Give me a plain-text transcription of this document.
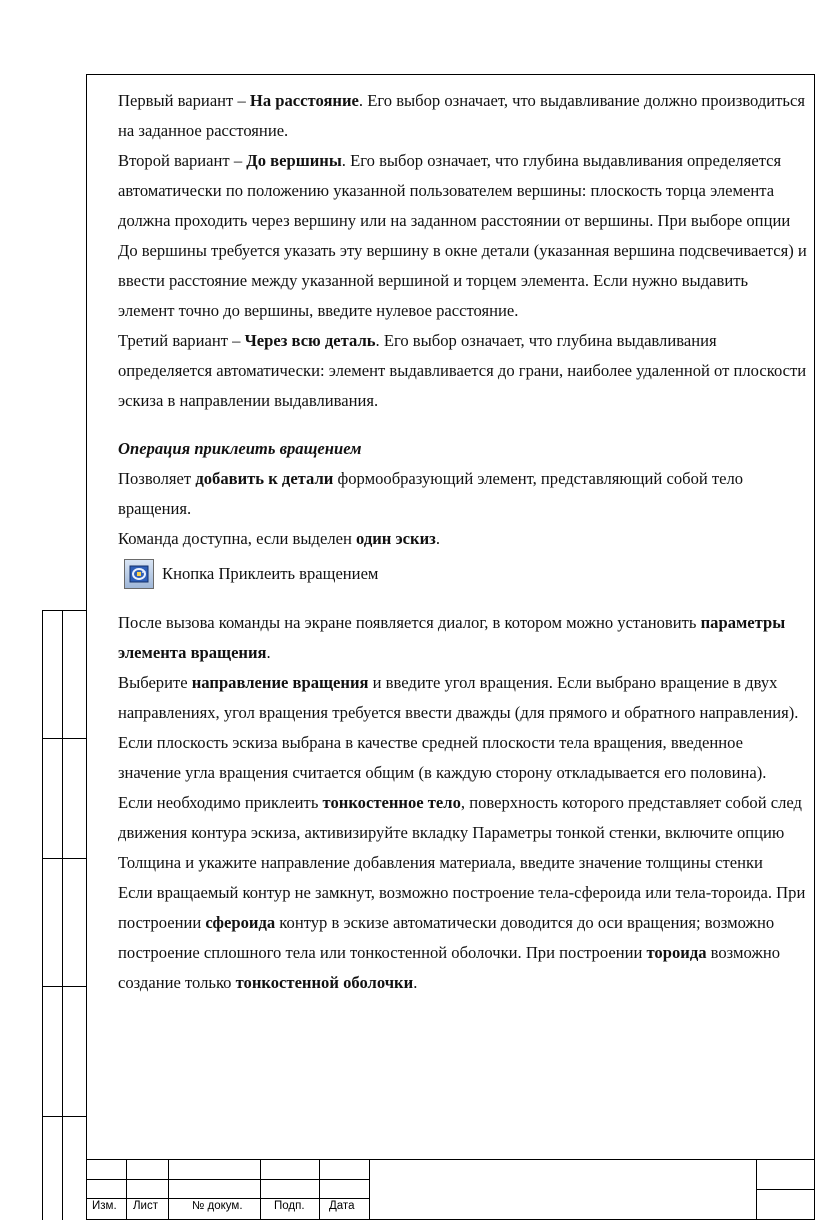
Первый вариант – На расстояние. Его выбор означает, что выдавливание должно производиться на заданное расстояние.

Второй вариант – До вершины. Его выбор означает, что глубина выдавливания определяется автоматически по положению указанной пользователем вершины: плоскость торца элемента должна проходить через вершину или на заданном расстоянии от вершины. При выборе опции До вершины требуется указать эту вершину в окне детали (указанная вершина подсвечивается) и ввести расстояние между указанной вершиной и торцем элемента. Если нужно выдавить элемент точно до вершины, введите нулевое расстояние.

Третий вариант – Через всю деталь. Его выбор означает, что глубина выдавливания определяется автоматически: элемент выдавливается до грани, наиболее удаленной от плоскости эскиза в направлении выдавливания.

Операция приклеить вращением

Позволяет добавить к детали формообразующий элемент, представляющий собой тело вращения.

Команда доступна, если выделен один эскиз.

Кнопка Приклеить вращением

После вызова команды на экране появляется диалог, в котором можно установить параметры элемента вращения.

Выберите направление вращения и введите угол вращения. Если выбрано вращение в двух направлениях, угол вращения требуется ввести дважды (для прямого и обратного направления). Если плоскость эскиза выбрана в качестве средней плоскости тела вращения, введенное значение угла вращения считается общим (в каждую сторону откладывается его половина).

Если необходимо приклеить тонкостенное тело, поверхность которого представляет собой след движения контура эскиза, активизируйте вкладку Параметры тонкой стенки, включите опцию Толщина и укажите направление добавления материала, введите значение толщины стенки

Если вращаемый контур не замкнут, возможно построение тела-сфероида или тела-тороида. При построении сфероида контур в эскизе автоматически доводится до оси вращения; возможно построение сплошного тела или тонкостенной оболочки. При построении тороида возможно создание только тонкостенной оболочки.

Изм. Лист	№ докум.	Подп. Дата
